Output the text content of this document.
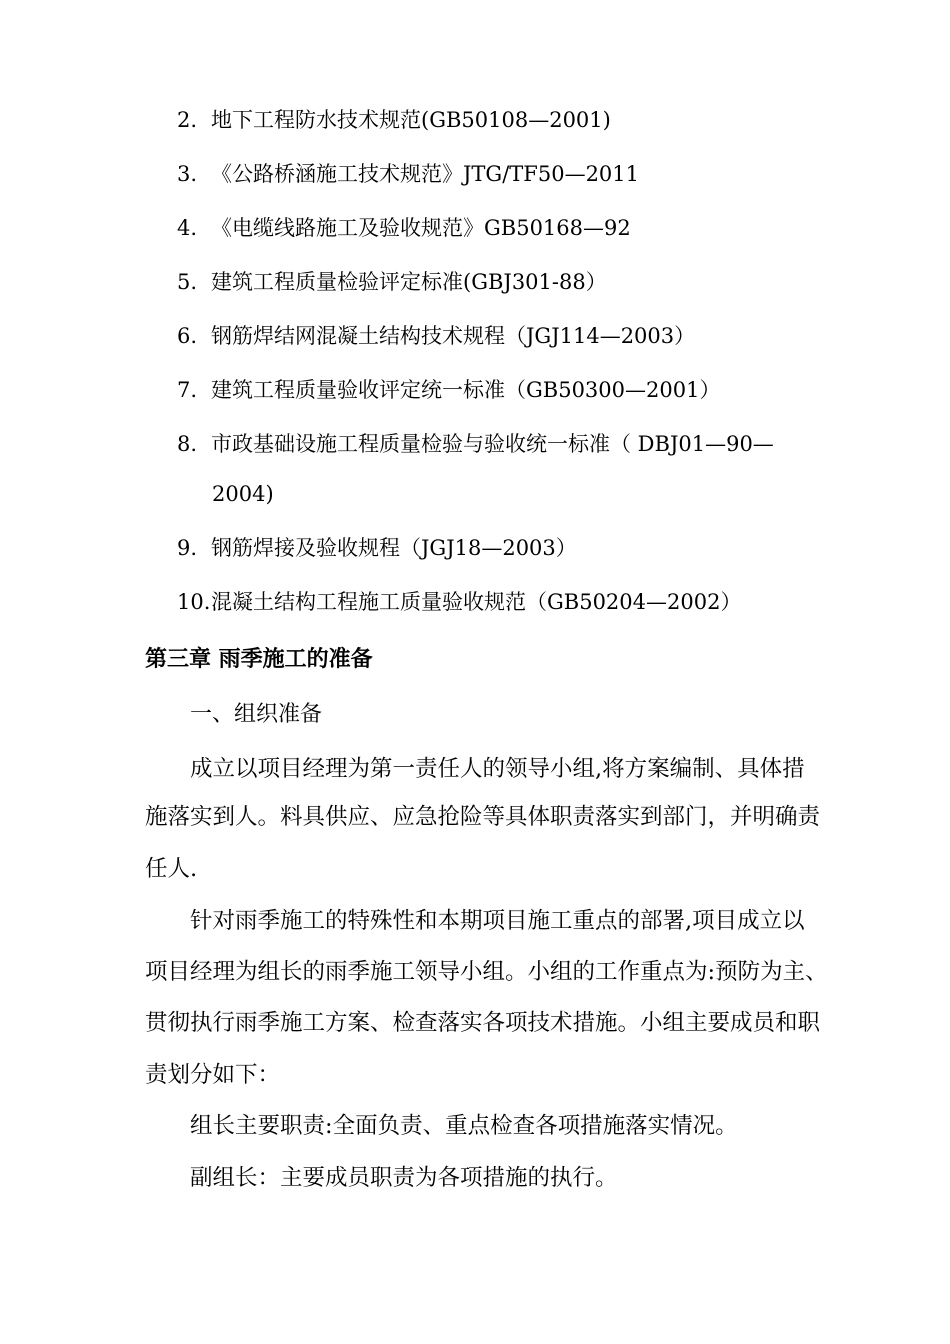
2. 地下工程防水技术规范(GB50108—2001)
3. 《公路桥涵施工技术规范》JTG/TF50—2011
4. 《电缆线路施工及验收规范》GB50168—92
5. 建筑工程质量检验评定标准(GBJ301-88）
6. 钢筋焊结网混凝土结构技术规程（JGJ114—2003）
7. 建筑工程质量验收评定统一标准（GB50300—2001）
8. 市政基础设施工程质量检验与验收统一标准（ DBJ01—90—
2004)
9. 钢筋焊接及验收规程（JGJ18—2003）
10.混凝土结构工程施工质量验收规范（GB50204—2002）
第三章 雨季施工的准备
一、组织准备
成立以项目经理为第一责任人的领导小组,将方案编制、具体措
施落实到人。料具供应、应急抢险等具体职责落实到部门，并明确责
任人.
针对雨季施工的特殊性和本期项目施工重点的部署,项目成立以
项目经理为组长的雨季施工领导小组。小组的工作重点为:预防为主、
贯彻执行雨季施工方案、检查落实各项技术措施。小组主要成员和职
责划分如下：
组长主要职责:全面负责、重点检查各项措施落实情况。
副组长：主要成员职责为各项措施的执行。
